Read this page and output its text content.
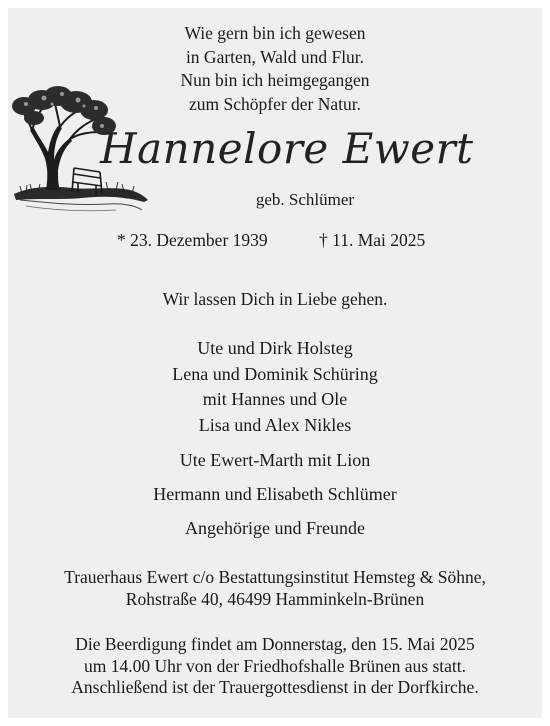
Wie gern bin ich gewesen
in Garten, Wald und Flur.
Nun bin ich heimgegangen
zum Schöpfer der Natur.
Hannelore Ewert
geb. Schlümer
* 23. Dezember 1939	† 11. Mai 2025
Wir lassen Dich in Liebe gehen.
Ute und Dirk Holsteg
Lena und Dominik Schüring
mit Hannes und Ole
Lisa und Alex Nikles
Ute Ewert-Marth mit Lion
Hermann und Elisabeth Schlümer
Angehörige und Freunde
Trauerhaus Ewert c/o Bestattungsinstitut Hemsteg & Söhne,
Rohstraße 40, 46499 Hamminkeln-Brünen
Die Beerdigung findet am Donnerstag, den 15. Mai 2025
um 14.00 Uhr von der Friedhofshalle Brünen aus statt.
Anschließend ist der Trauergottesdienst in der Dorfkirche.
